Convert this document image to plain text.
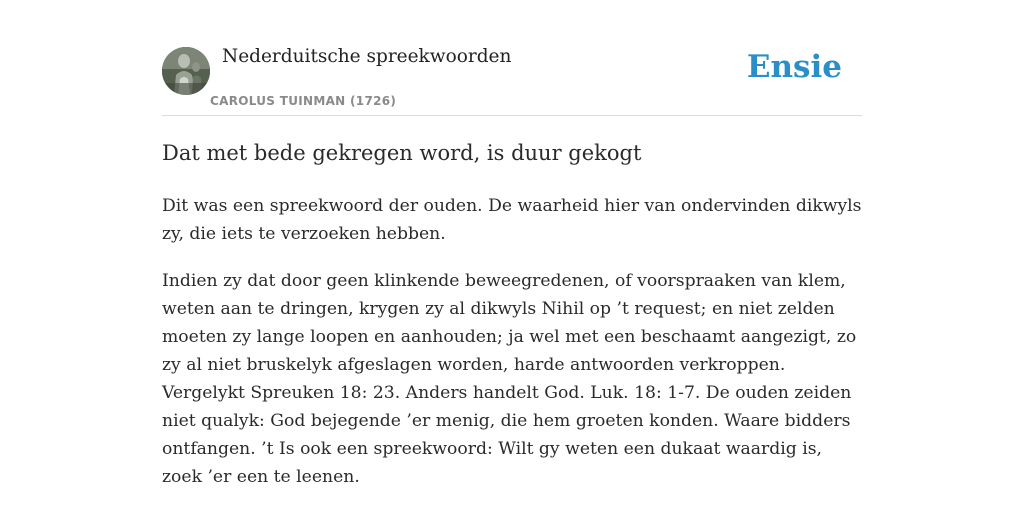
Nederduitsche spreekwoorden
CAROLUS TUINMAN (1726)
Ensie
Dat met bede gekregen word, is duur gekogt

Dit was een spreekwoord der ouden. De waarheid hier van ondervinden dikwyls zy, die iets te verzoeken hebben.

Indien zy dat door geen klinkende beweegredenen, of voorspraaken van klem, weten aan te dringen, krygen zy al dikwyls Nihil op ’t request; en niet zelden moeten zy lange loopen en aanhouden; ja wel met een beschaamt aangezigt, zo zy al niet bruskelyk afgeslagen worden, harde antwoorden verkroppen. Vergelykt Spreuken 18: 23. Anders handelt God. Luk. 18: 1-7. De ouden zeiden niet qualyk: God bejegende ’er menig, die hem groeten konden. Waare bidders ontfangen. ’t Is ook een spreekwoord: Wilt gy weten een dukaat waardig is, zoek ’er een te leenen.
